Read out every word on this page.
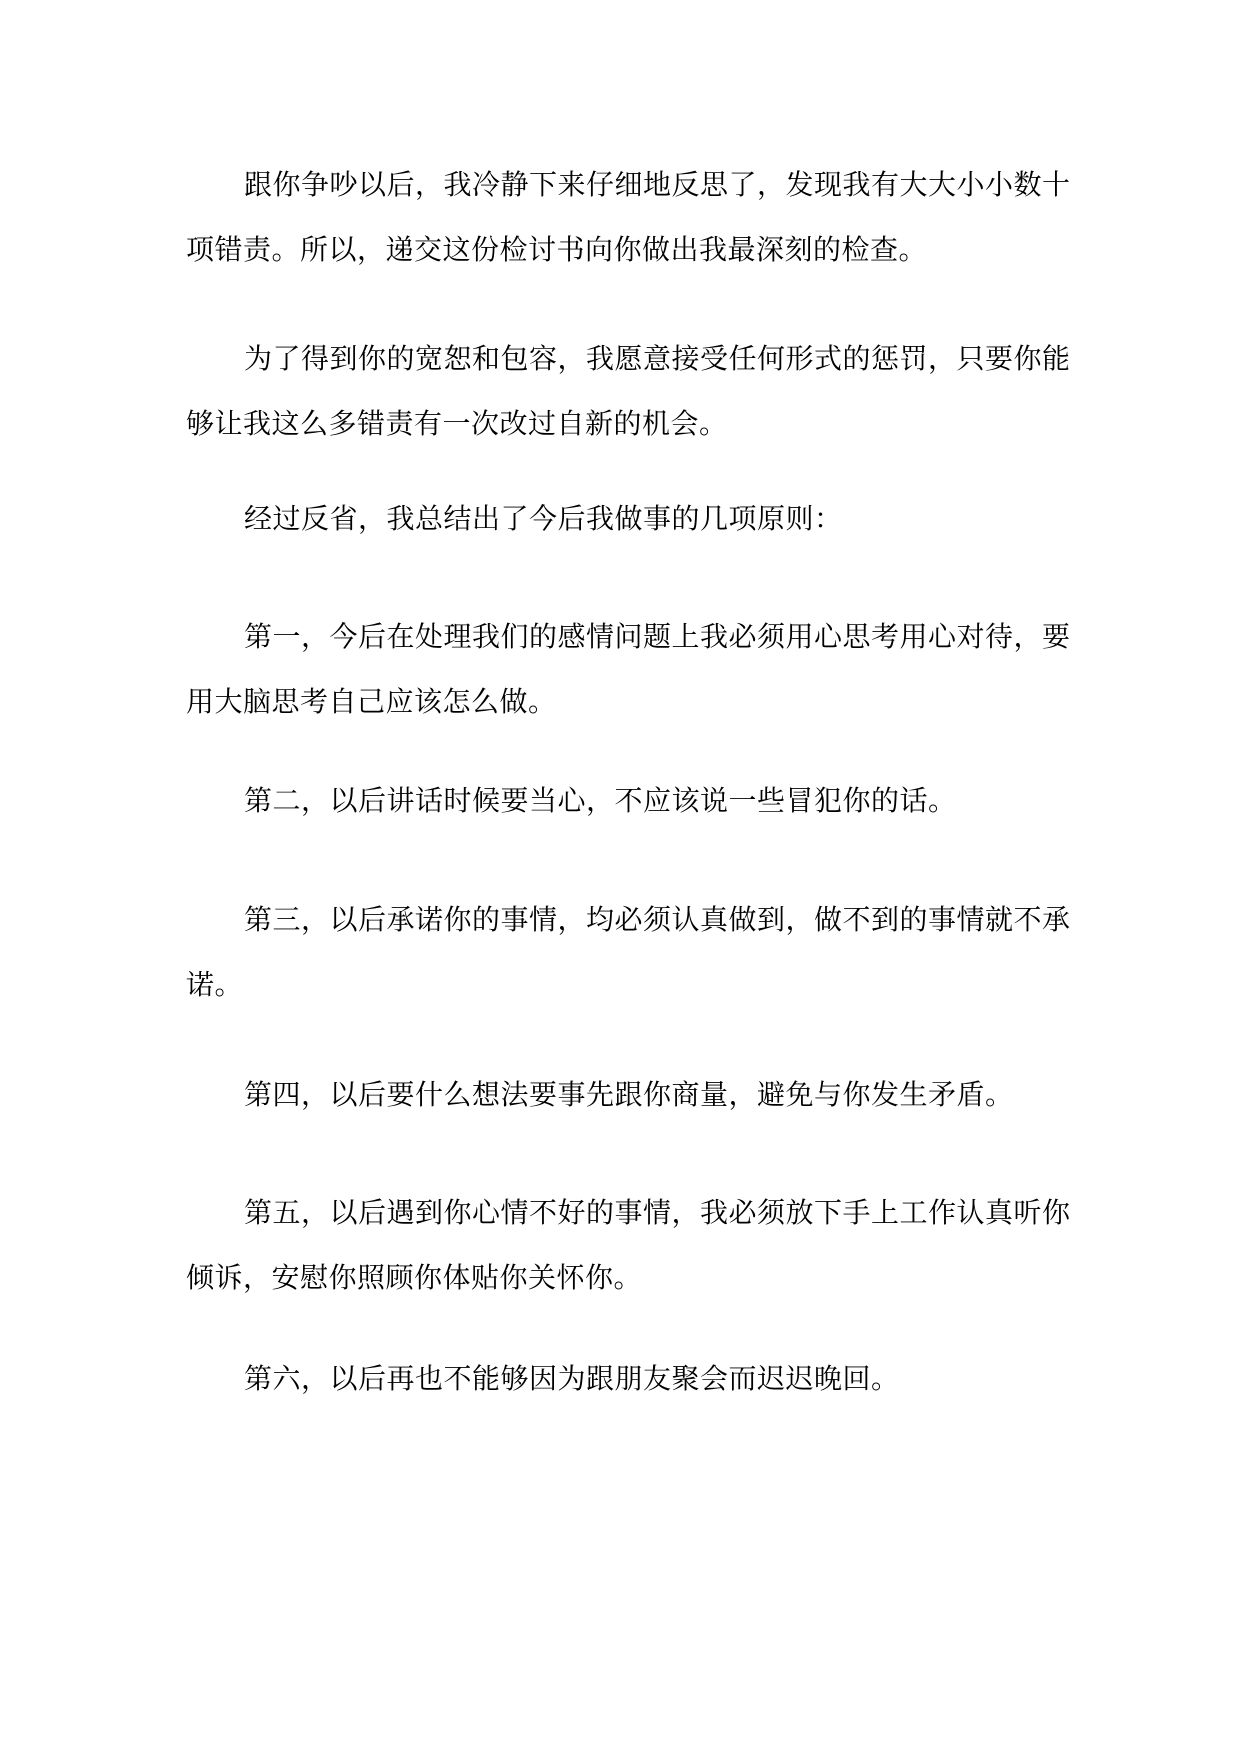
跟你争吵以后，我冷静下来仔细地反思了，发现我有大大小小数十项错责。所以，递交这份检讨书向你做出我最深刻的检查。

为了得到你的宽恕和包容，我愿意接受任何形式的惩罚，只要你能够让我这么多错责有一次改过自新的机会。

经过反省，我总结出了今后我做事的几项原则：

第一，今后在处理我们的感情问题上我必须用心思考用心对待，要用大脑思考自己应该怎么做。

第二，以后讲话时候要当心，不应该说一些冒犯你的话。

第三，以后承诺你的事情，均必须认真做到，做不到的事情就不承诺。

第四，以后要什么想法要事先跟你商量，避免与你发生矛盾。

第五，以后遇到你心情不好的事情，我必须放下手上工作认真听你倾诉，安慰你照顾你体贴你关怀你。

第六，以后再也不能够因为跟朋友聚会而迟迟晚回。
